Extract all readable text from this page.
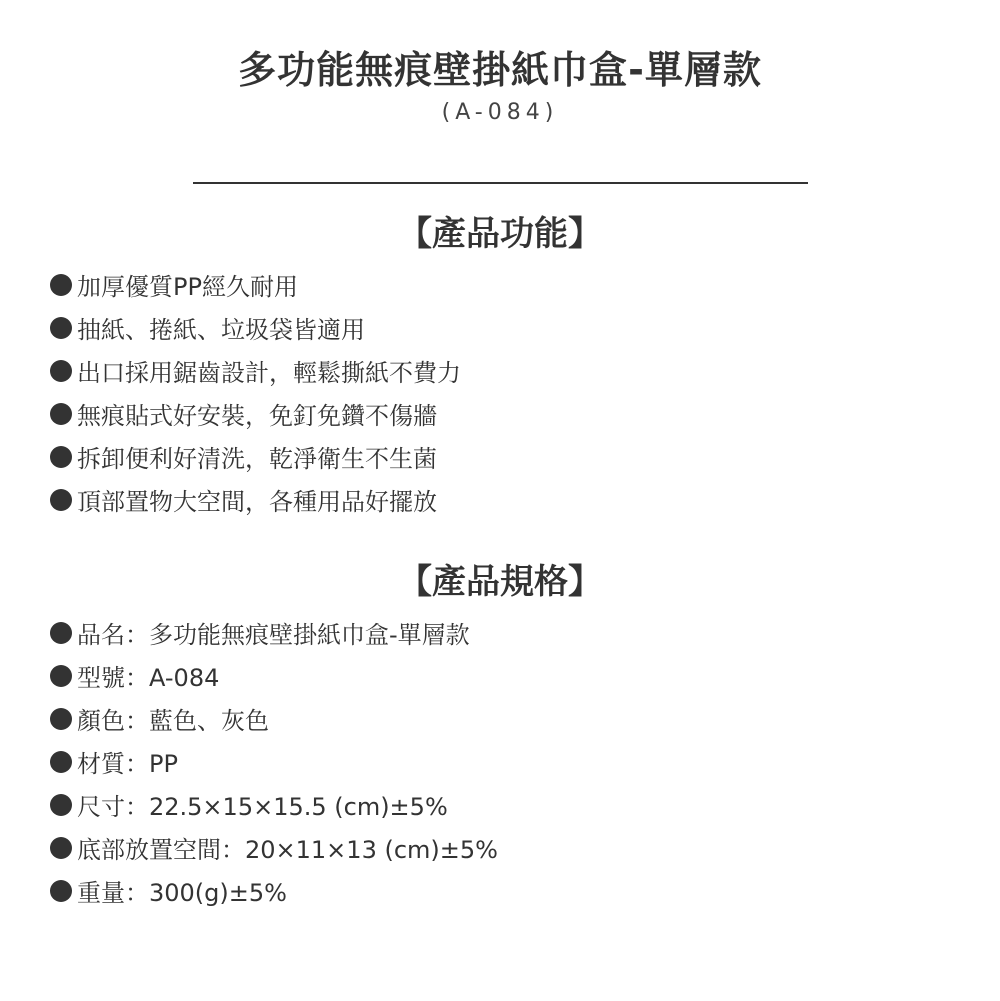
多功能無痕壁掛紙巾盒-單層款
(A-084)
【產品功能】
加厚優質PP經久耐用
抽紙、捲紙、垃圾袋皆適用
出口採用鋸齒設計，輕鬆撕紙不費力
無痕貼式好安裝，免釘免鑽不傷牆
拆卸便利好清洗，乾淨衛生不生菌
頂部置物大空間，各種用品好擺放
【產品規格】
品名：多功能無痕壁掛紙巾盒-單層款
型號：A-084
顏色：藍色、灰色
材質：PP
尺寸：22.5×15×15.5 (cm)±5%
底部放置空間：20×11×13 (cm)±5%
重量：300(g)±5%
